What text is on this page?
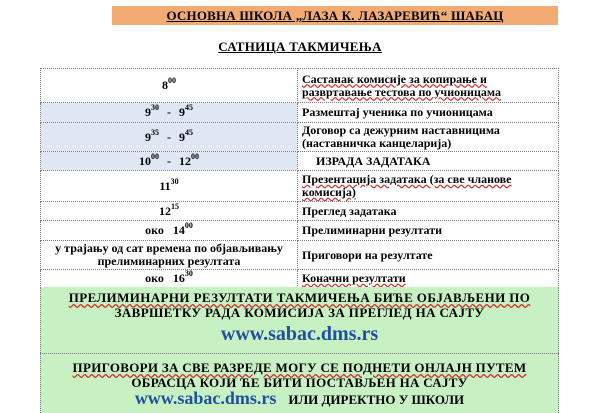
ОСНОВНА ШКОЛА „ЛАЗА К. ЛАЗАРЕВИЋ“ ШАБАЦ
САТНИЦА ТАКМИЧЕЊА
$8^{00}$	Састанак комисије за копирање и развртавање тестова по учионицама
$9^{30} - 9^{45}$	Размештај ученика по учионицама
$9^{35} - 9^{45}$	Договор са дежурним наставницима (наставничка канцеларија)
$10^{00} - 12^{00}$	ИЗРАДА ЗАДАТАКА
$11^{30}$	Презентација задатака (за све чланове комисија)
$12^{15}$	Преглед задатака
око $14^{00}$	Прелиминарни резултати
у трајању од сат времена по објављивању прелиминарних резултата	Приговори на резултате
око $16^{30}$	Коначни резултати
ПРЕЛИМИНАРНИ РЕЗУЛТАТИ ТАКМИЧЕЊА БИЋЕ ОБЈАВЉЕНИ ПО
ЗАВРШЕТКУ РАДА КОМИСИЈА ЗА ПРЕГЛЕД НА САЈТУ
www.sabac.dms.rs
ПРИГОВОРИ ЗА СВЕ РАЗРЕДЕ МОГУ СЕ ПОДНЕТИ ОНЛАЈН ПУТЕМ
ОБРАСЦА КОЈИ ЋЕ БИТИ ПОСТАВЉЕН НА САЈТУ
www.sabac.dms.rs ИЛИ ДИРЕКТНО У ШКОЛИ
